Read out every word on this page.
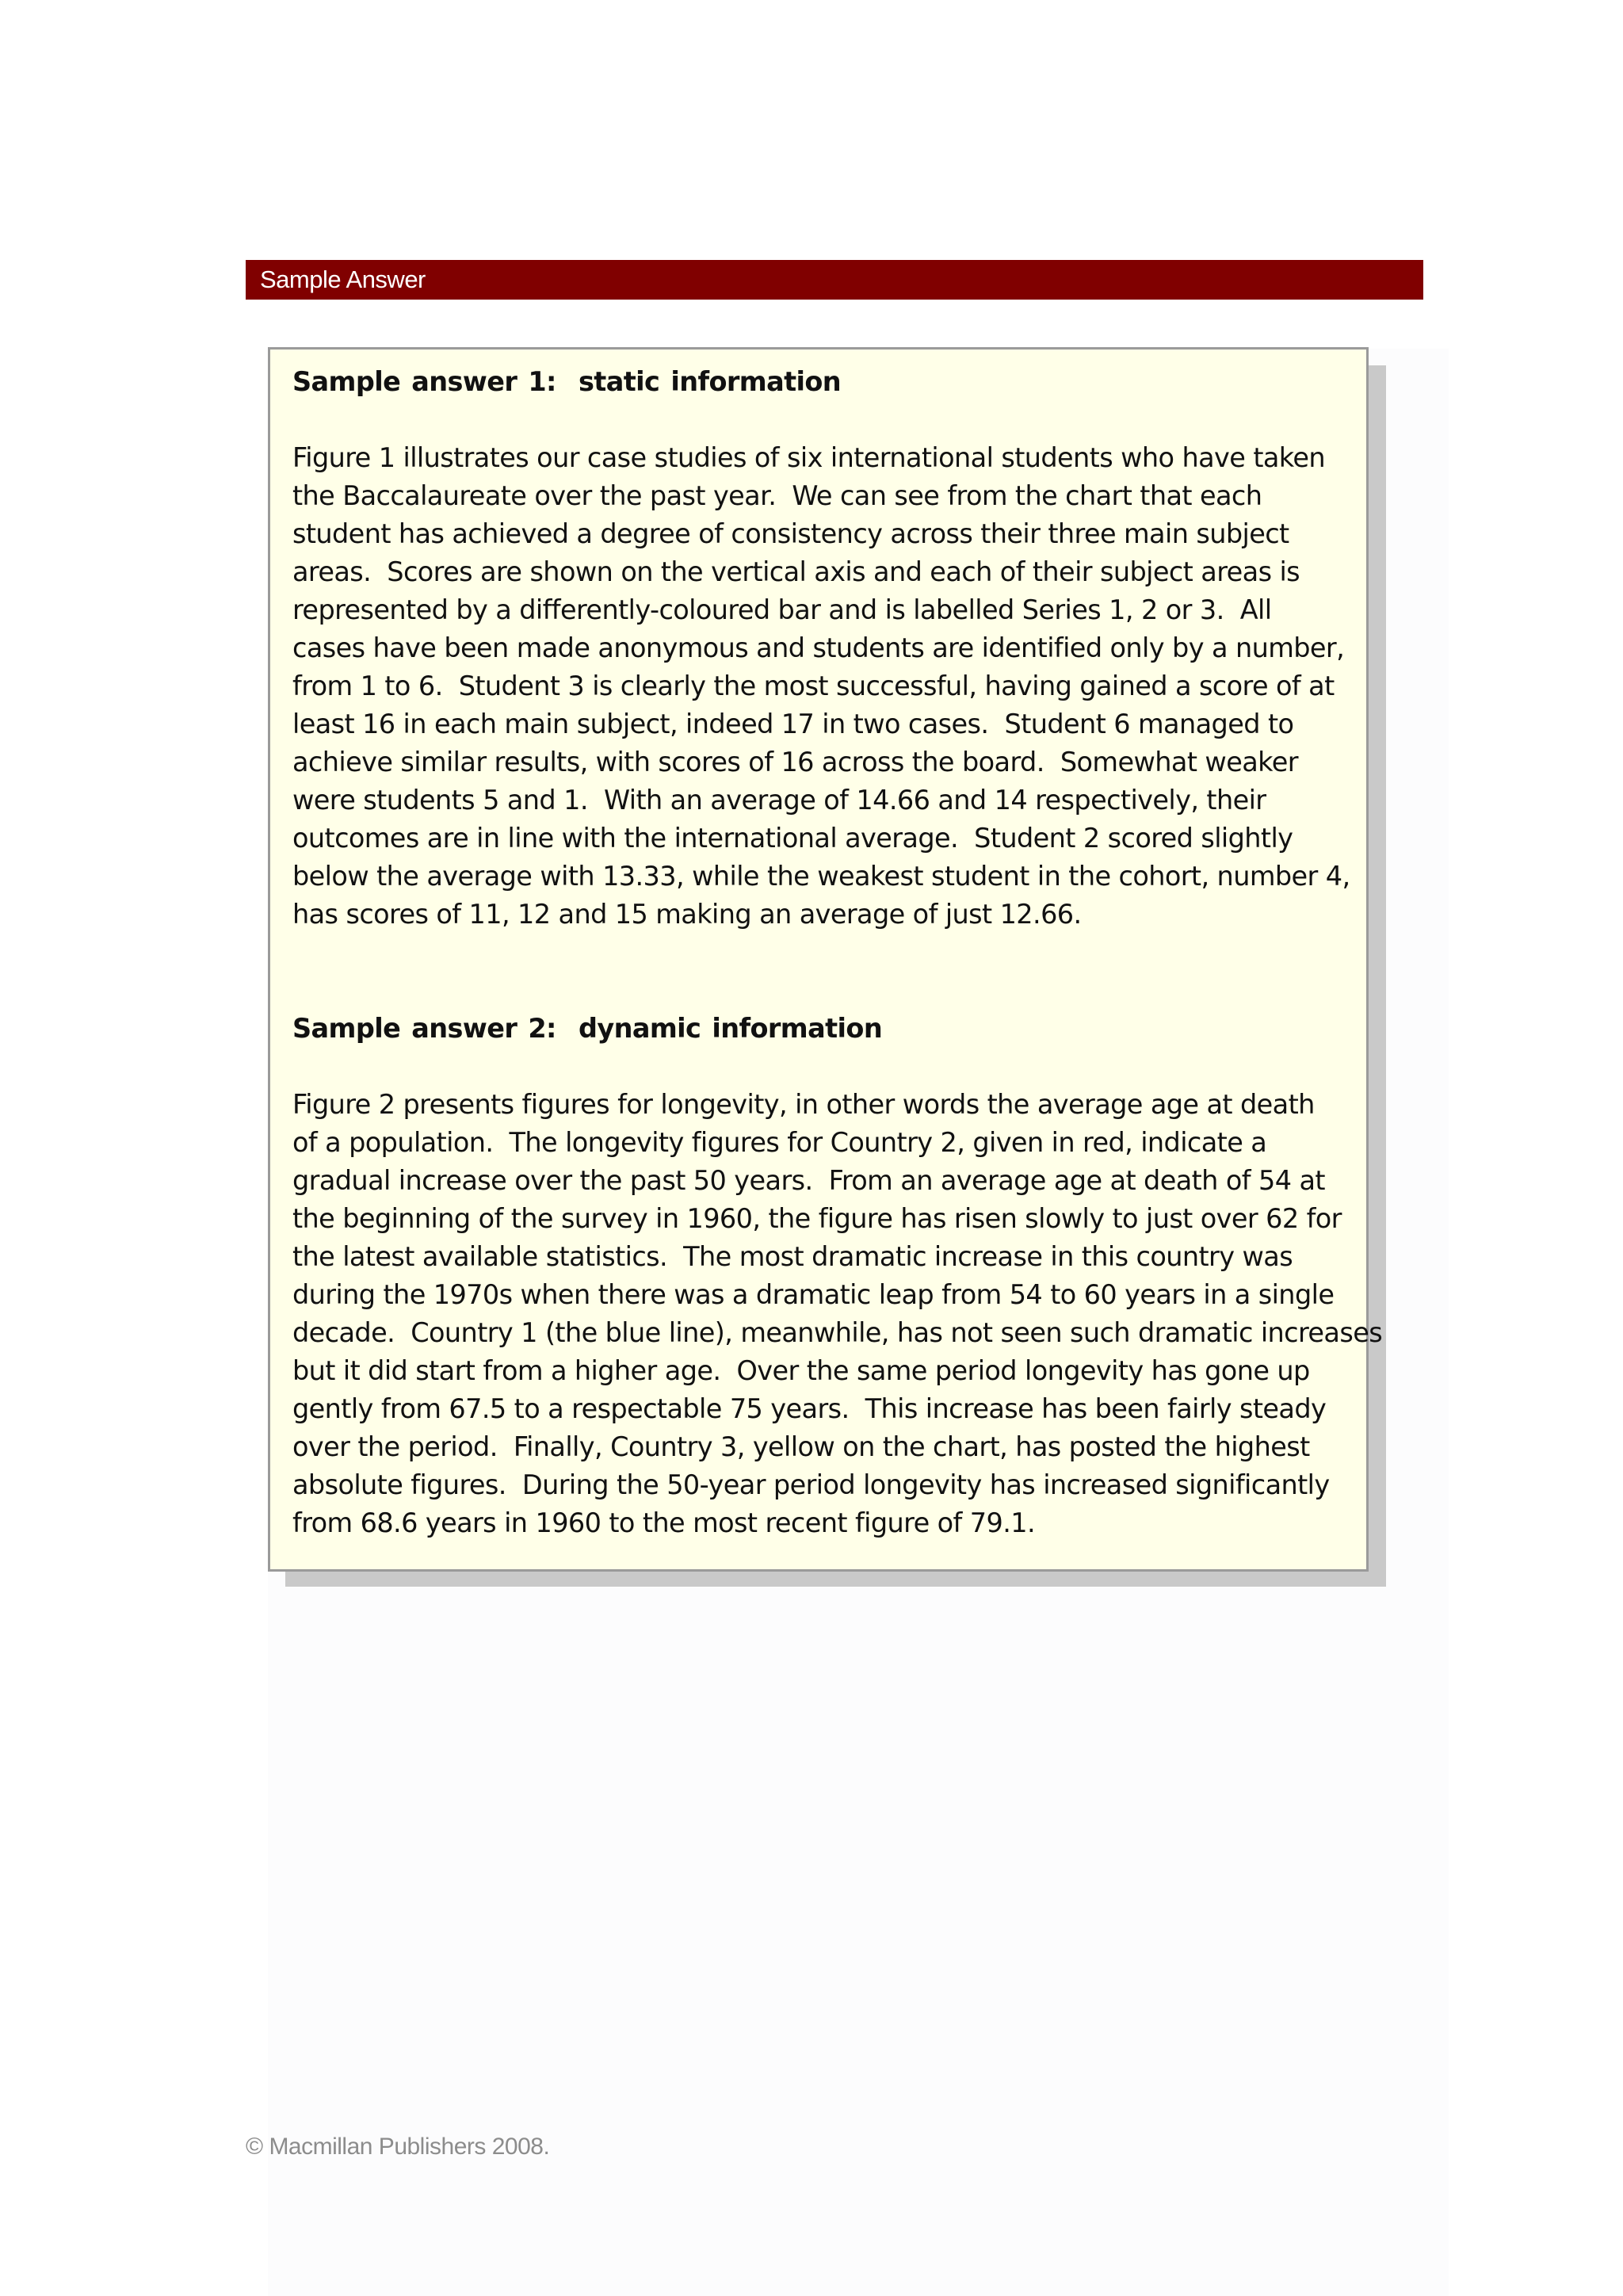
Sample Answer

Sample answer 1:  static information

Figure 1 illustrates our case studies of six international students who have taken

the Baccalaureate over the past year.  We can see from the chart that each

student has achieved a degree of consistency across their three main subject

areas.  Scores are shown on the vertical axis and each of their subject areas is

represented by a differently-coloured bar and is labelled Series 1, 2 or 3.  All

cases have been made anonymous and students are identified only by a number,

from 1 to 6.  Student 3 is clearly the most successful, having gained a score of at

least 16 in each main subject, indeed 17 in two cases.  Student 6 managed to

achieve similar results, with scores of 16 across the board.  Somewhat weaker

were students 5 and 1.  With an average of 14.66 and 14 respectively, their

outcomes are in line with the international average.  Student 2 scored slightly

below the average with 13.33, while the weakest student in the cohort, number 4,

has scores of 11, 12 and 15 making an average of just 12.66.

Sample answer 2:  dynamic information

Figure 2 presents figures for longevity, in other words the average age at death

of a population.  The longevity figures for Country 2, given in red, indicate a

gradual increase over the past 50 years.  From an average age at death of 54 at

the beginning of the survey in 1960, the figure has risen slowly to just over 62 for

the latest available statistics.  The most dramatic increase in this country was

during the 1970s when there was a dramatic leap from 54 to 60 years in a single

decade.  Country 1 (the blue line), meanwhile, has not seen such dramatic increases

but it did start from a higher age.  Over the same period longevity has gone up

gently from 67.5 to a respectable 75 years.  This increase has been fairly steady

over the period.  Finally, Country 3, yellow on the chart, has posted the highest

absolute figures.  During the 50-year period longevity has increased significantly

from 68.6 years in 1960 to the most recent figure of 79.1.

© Macmillan Publishers 2008.
